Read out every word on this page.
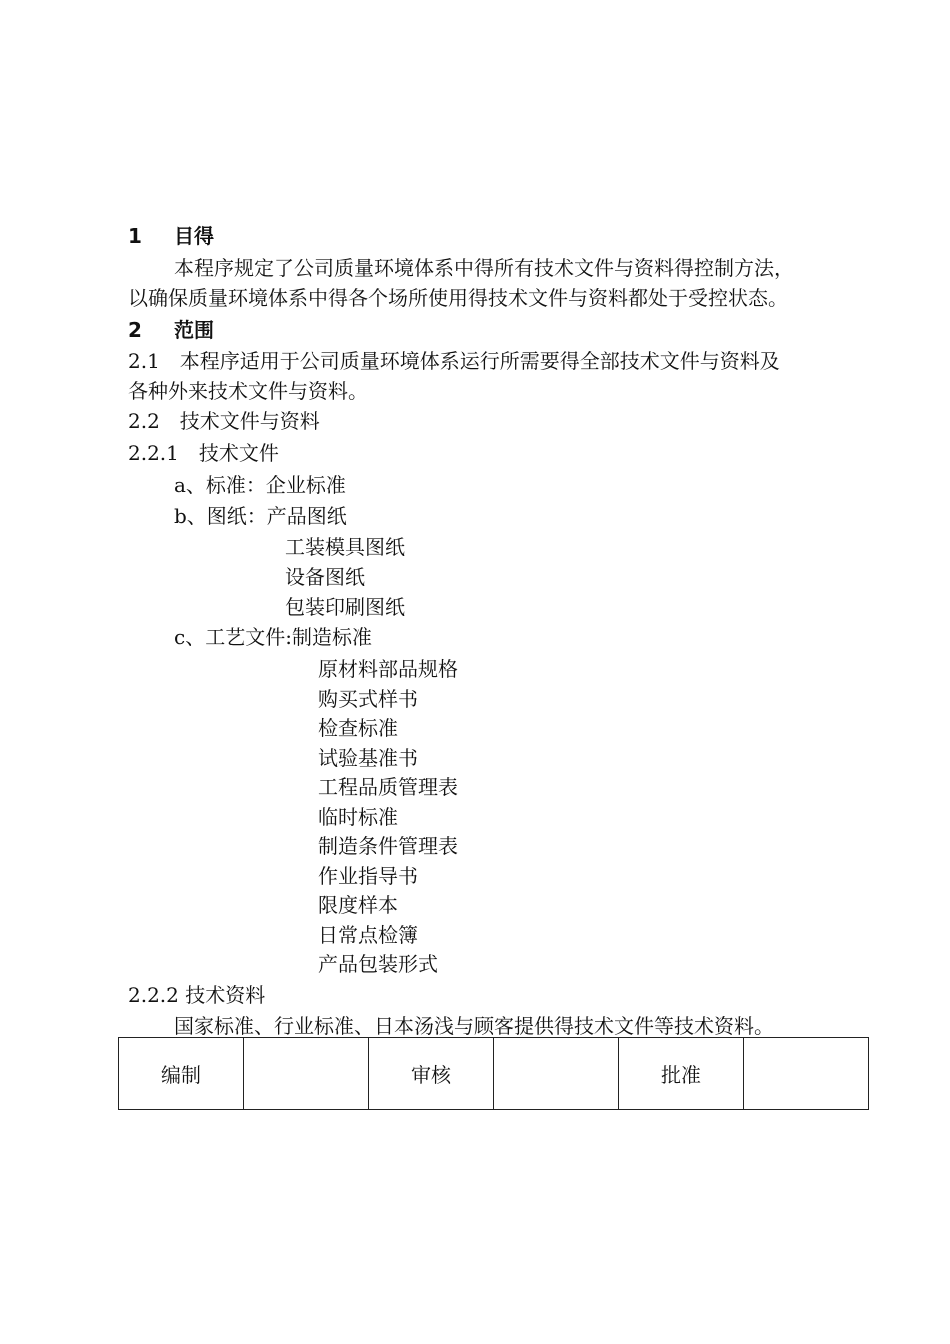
1 目得
本程序规定了公司质量环境体系中得所有技术文件与资料得控制方法，
以确保质量环境体系中得各个场所使用得技术文件与资料都处于受控状态。
2 范围
2.1　本程序适用于公司质量环境体系运行所需要得全部技术文件与资料及
各种外来技术文件与资料。
2.2　技术文件与资料
2.2.1　技术文件
a、标准：企业标准
b、图纸：产品图纸
工装模具图纸
设备图纸
包装印刷图纸
c、工艺文件:制造标准
原材料部品规格
购买式样书
检查标准
试验基准书
工程品质管理表
临时标准
制造条件管理表
作业指导书
限度样本
日常点检簿
产品包装形式
2.2.2 技术资料
国家标准、行业标准、日本汤浅与顾客提供得技术文件等技术资料。
编制		审核		批准	
